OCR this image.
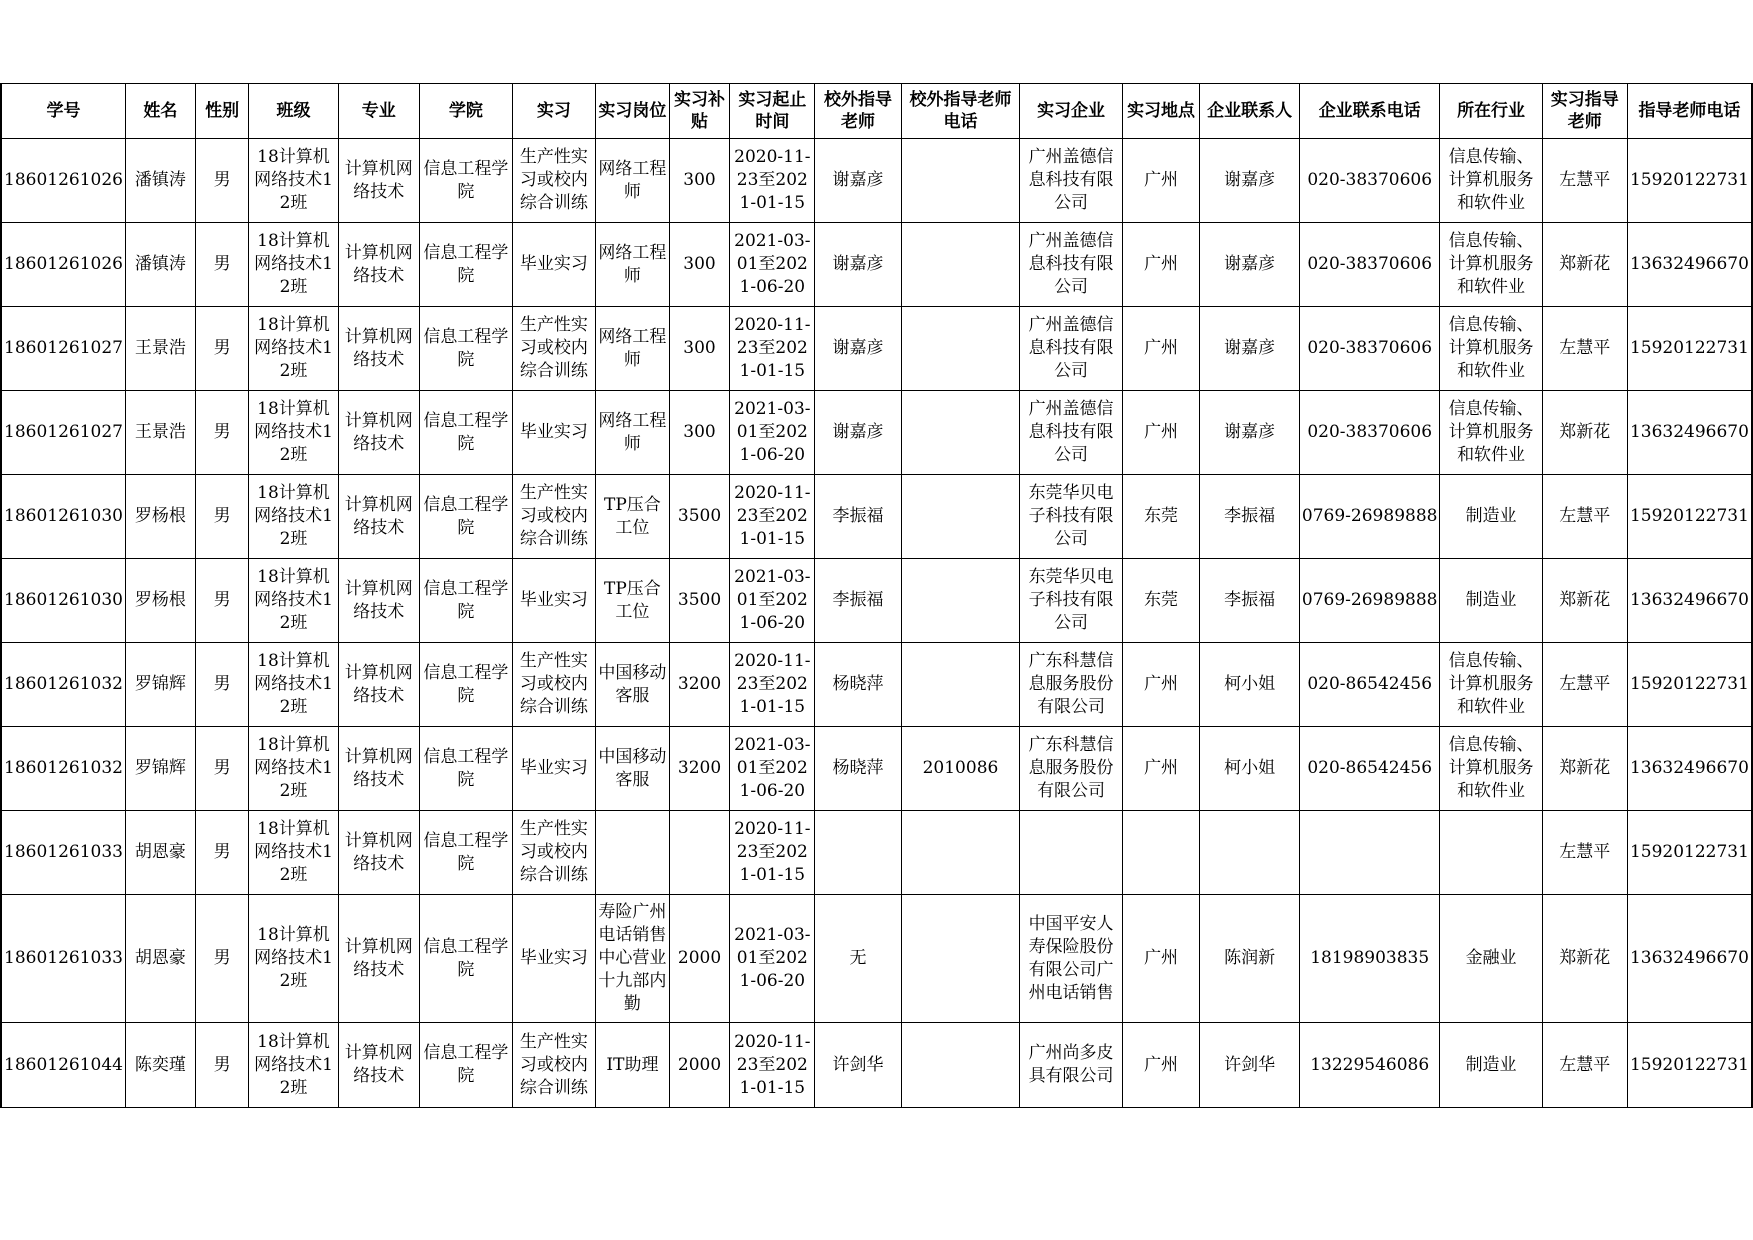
学号	姓名	性别	班级	专业	学院	实习	实习岗位	实习补贴	实习起止时间	校外指导老师	校外指导老师电话	实习企业	实习地点	企业联系人	企业联系电话	所在行业	实习指导老师	指导老师电话

18601261026	潘镇涛	男	18计算机网络技术12班	计算机网络技术	信息工程学院	生产性实习或校内综合训练	网络工程师	300	2020-11-23至2021-01-15	谢嘉彦		广州盖德信息科技有限公司	广州	谢嘉彦	020-38370606	信息传输、计算机服务和软件业	左慧平	15920122731

18601261026	潘镇涛	男	18计算机网络技术12班	计算机网络技术	信息工程学院	毕业实习	网络工程师	300	2021-03-01至2021-06-20	谢嘉彦		广州盖德信息科技有限公司	广州	谢嘉彦	020-38370606	信息传输、计算机服务和软件业	郑新花	13632496670

18601261027	王景浩	男	18计算机网络技术12班	计算机网络技术	信息工程学院	生产性实习或校内综合训练	网络工程师	300	2020-11-23至2021-01-15	谢嘉彦		广州盖德信息科技有限公司	广州	谢嘉彦	020-38370606	信息传输、计算机服务和软件业	左慧平	15920122731

18601261027	王景浩	男	18计算机网络技术12班	计算机网络技术	信息工程学院	毕业实习	网络工程师	300	2021-03-01至2021-06-20	谢嘉彦		广州盖德信息科技有限公司	广州	谢嘉彦	020-38370606	信息传输、计算机服务和软件业	郑新花	13632496670

18601261030	罗杨根	男	18计算机网络技术12班	计算机网络技术	信息工程学院	生产性实习或校内综合训练	TP压合工位	3500	2020-11-23至2021-01-15	李振福		东莞华贝电子科技有限公司	东莞	李振福	0769-26989888	制造业	左慧平	15920122731

18601261030	罗杨根	男	18计算机网络技术12班	计算机网络技术	信息工程学院	毕业实习	TP压合工位	3500	2021-03-01至2021-06-20	李振福		东莞华贝电子科技有限公司	东莞	李振福	0769-26989888	制造业	郑新花	13632496670

18601261032	罗锦辉	男	18计算机网络技术12班	计算机网络技术	信息工程学院	生产性实习或校内综合训练	中国移动客服	3200	2020-11-23至2021-01-15	杨晓萍		广东科慧信息服务股份有限公司	广州	柯小姐	020-86542456	信息传输、计算机服务和软件业	左慧平	15920122731

18601261032	罗锦辉	男	18计算机网络技术12班	计算机网络技术	信息工程学院	毕业实习	中国移动客服	3200	2021-03-01至2021-06-20	杨晓萍	2010086	广东科慧信息服务股份有限公司	广州	柯小姐	020-86542456	信息传输、计算机服务和软件业	郑新花	13632496670

18601261033	胡恩豪	男	18计算机网络技术12班	计算机网络技术	信息工程学院	生产性实习或校内综合训练			2020-11-23至2021-01-15								左慧平	15920122731

18601261033	胡恩豪	男	18计算机网络技术12班	计算机网络技术	信息工程学院	毕业实习	寿险广州电话销售中心营业十九部内勤	2000	2021-03-01至2021-06-20	无		中国平安人寿保险股份有限公司广州电话销售	广州	陈润新	18198903835	金融业	郑新花	13632496670

18601261044	陈奕瑾	男	18计算机网络技术12班	计算机网络技术	信息工程学院	生产性实习或校内综合训练	IT助理	2000	2020-11-23至2021-01-15	许剑华		广州尚多皮具有限公司	广州	许剑华	13229546086	制造业	左慧平	15920122731
